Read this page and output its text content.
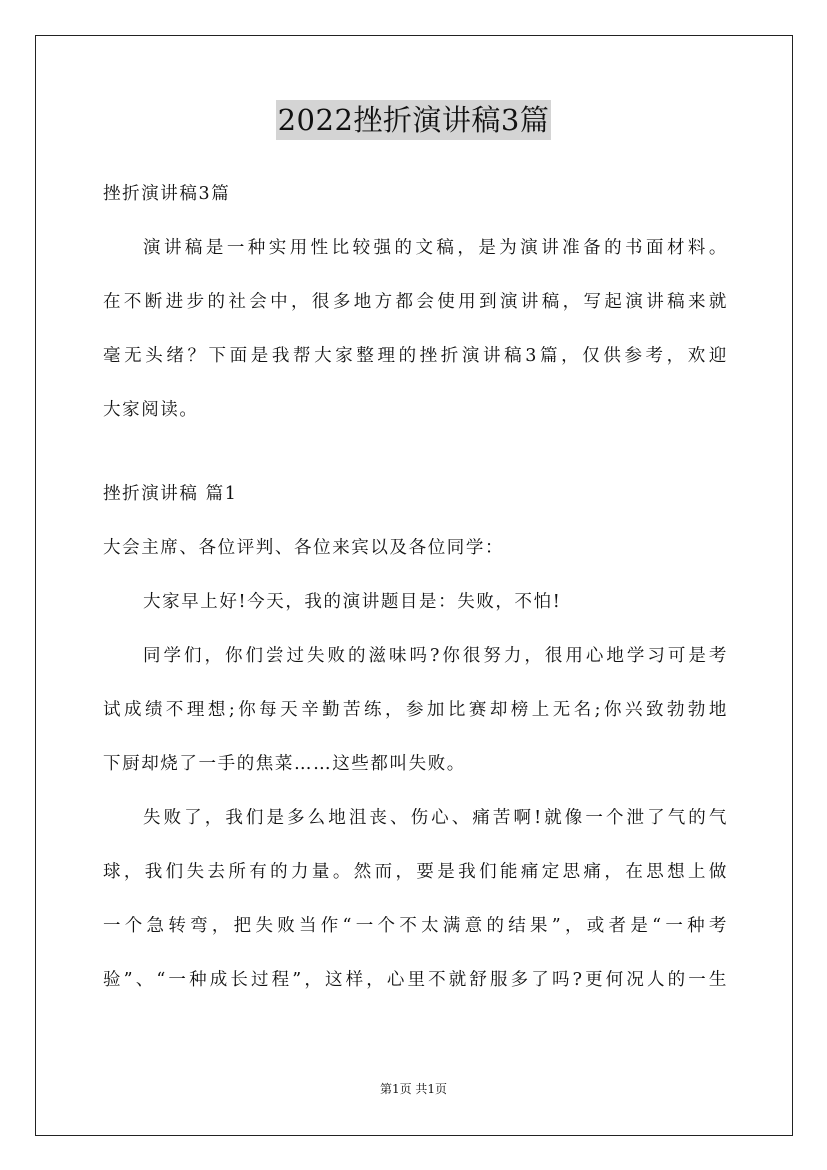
2022挫折演讲稿3篇
挫折演讲稿3篇
演讲稿是一种实用性比较强的文稿，是为演讲准备的书面材料。
在不断进步的社会中，很多地方都会使用到演讲稿，写起演讲稿来就
毫无头绪？下面是我帮大家整理的挫折演讲稿3篇，仅供参考，欢迎
大家阅读。
挫折演讲稿 篇1
大会主席、各位评判、各位来宾以及各位同学：
大家早上好!今天，我的演讲题目是：失败，不怕!
同学们，你们尝过失败的滋味吗?你很努力，很用心地学习可是考
试成绩不理想;你每天辛勤苦练，参加比赛却榜上无名;你兴致勃勃地
下厨却烧了一手的焦菜……这些都叫失败。
失败了，我们是多么地沮丧、伤心、痛苦啊!就像一个泄了气的气
球，我们失去所有的力量。然而，要是我们能痛定思痛，在思想上做
一个急转弯，把失败当作“一个不太满意的结果”，或者是“一种考
验”、“一种成长过程”，这样，心里不就舒服多了吗?更何况人的一生
第1页 共1页
